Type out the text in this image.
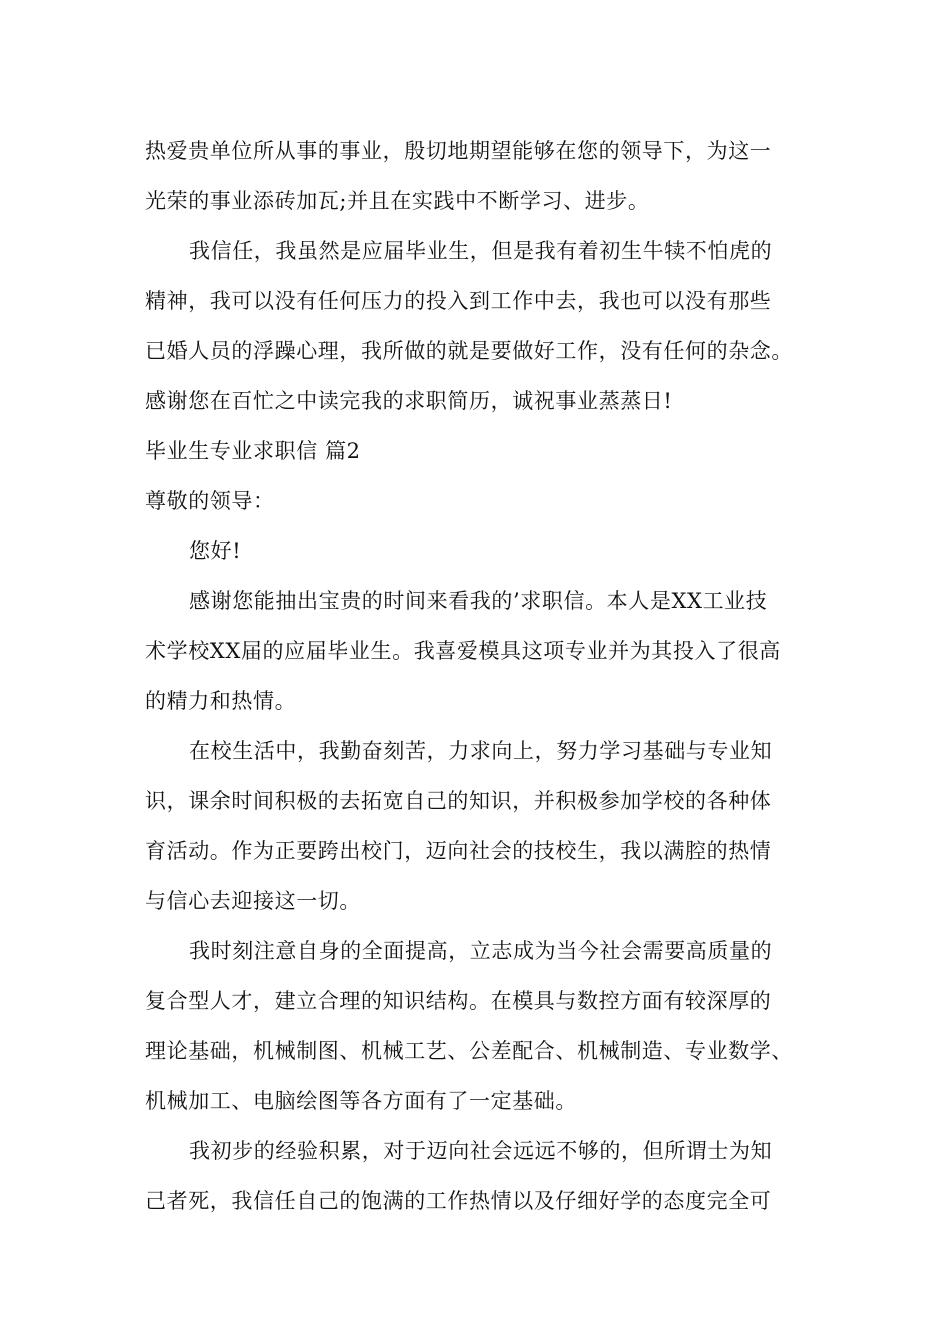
热爱贵单位所从事的事业，殷切地期望能够在您的领导下，为这一
光荣的事业添砖加瓦;并且在实践中不断学习、进步。
我信任，我虽然是应届毕业生，但是我有着初生牛犊不怕虎的
精神，我可以没有任何压力的投入到工作中去，我也可以没有那些
已婚人员的浮躁心理，我所做的就是要做好工作，没有任何的杂念。
感谢您在百忙之中读完我的求职简历，诚祝事业蒸蒸日!
毕业生专业求职信 篇2
尊敬的领导：
您好!
感谢您能抽出宝贵的时间来看我的’求职信。本人是XX工业技
术学校XX届的应届毕业生。我喜爱模具这项专业并为其投入了很高
的精力和热情。
在校生活中，我勤奋刻苦，力求向上，努力学习基础与专业知
识，课余时间积极的去拓宽自己的知识，并积极参加学校的各种体
育活动。作为正要跨出校门，迈向社会的技校生，我以满腔的热情
与信心去迎接这一切。
我时刻注意自身的全面提高，立志成为当今社会需要高质量的
复合型人才，建立合理的知识结构。在模具与数控方面有较深厚的
理论基础，机械制图、机械工艺、公差配合、机械制造、专业数学、
机械加工、电脑绘图等各方面有了一定基础。
我初步的经验积累，对于迈向社会远远不够的，但所谓士为知
己者死，我信任自己的饱满的工作热情以及仔细好学的态度完全可
